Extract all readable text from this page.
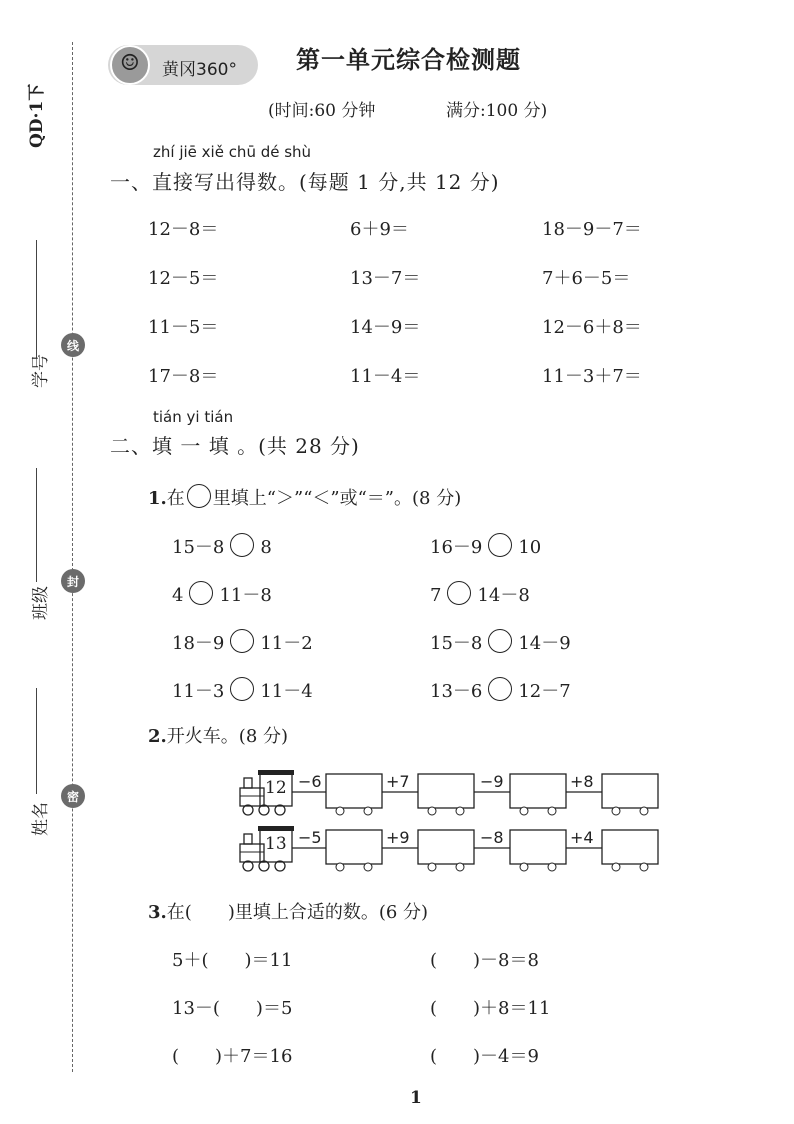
QD·1下
学号
班级
姓名
线
封
密
☺
黄冈360° 第一单元综合检测题
(时间:60 分钟	满分:100 分)
zhí jiē xiě chū dé shù
一、直接写出得数。(每题 1 分,共 12 分)
12－8＝	6＋9＝	18－9－7＝
12－5＝	13－7＝	7＋6－5＝
11－5＝	14－9＝	12－6＋8＝
17－8＝	11－4＝	11－3＋7＝
tián yi tián
二、填 一 填 。(共 28 分)
1.在 里填上“＞”“＜”或“＝”。(8 分)
15－8 8	16－9 10
4 11－8	7 14－8
18－9 11－2	15－8 14－9
11－3 11－4	13－6 12－7
2.开火车。(8 分)
12 −6	+7	−9	+8
13 −5	+9	−8	+4
3.在(　　)里填上合适的数。(6 分)
5＋(　　)＝11	(　　)－8＝8
13－(　　)＝5	(　　)＋8＝11
(　　)＋7＝16	(　　)－4＝9
1
